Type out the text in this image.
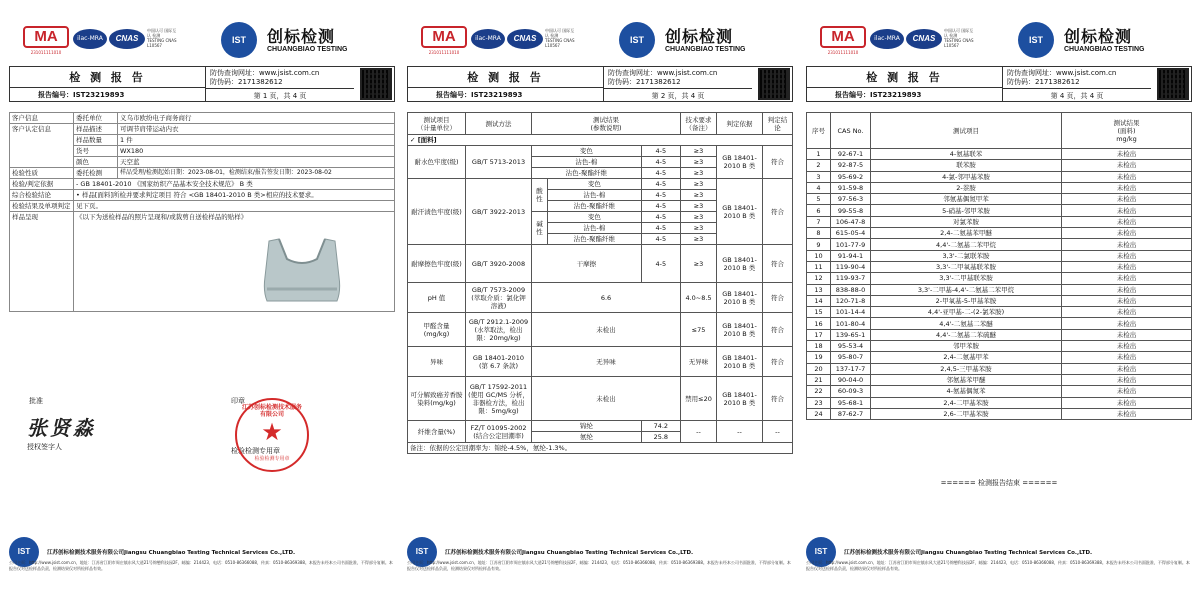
MA
231011111010
ilac-MRA	CNAS
中国认可 国际互认 检测 TESTING CNAS L10567
IST	创标检测
CHUANGBIAO TESTING
检 测 报 告
报告编号：IST23219893
防伪查询网址：www.jsist.com.cn
防伪码：2171382612
第 1 页，共 4 页
客户信息	委托单位	义乌市欧纷电子商务商行
客户认定信息	样品描述	可调节肩带运动内衣
	样品数量	1 件
	货号	WX180
	颜色	天空蓝
检验性质	委托检测	样品受理/检测起始日期：2023-08-01，检测结束/报告签发日期：2023-08-02
检验/判定依据	- GB 18401-2010 《国家纺织产品基本安全技术规范》 B 类	
综合检验结论	• 样品[面料]所检并要求判定项目 符合 <GB 18401-2010 B 类>相应的技术要求。	
检验结果及单项判定	见下页。	
样品呈现	《以下为送检样品的照片呈现和/或裁剪自送检样品的贴样》	
批准
张贤淼
授权签字人
印章
检验检测专用章
江苏创标检测技术服务有限公司
★
检验检测专用章
IST	江苏创标检测技术服务有限公司Jiangsu Chuangbiao Testing Technical Services Co.,LTD.
公司主页：http://www.jsist.com.cn，地址：江苏省江阴市周庄镇东风大道21号锦懋科技园2F，邮编：214423，电话：0510-86366088，传真：0510-86369388。本报告未经本公司书面批准，不得部分复制。本报告仅对送检样品负责，检测结果仅对所检样品有效。
MA
231011111010
ilac-MRA	CNAS
中国认可 国际互认 检测 TESTING CNAS L10567
IST	创标检测
CHUANGBIAO TESTING
检 测 报 告
报告编号：IST23219893
防伪查询网址：www.jsist.com.cn
防伪码：2171382612
第 2 页，共 4 页
测试项目
（计量单位）	测试方法	测试结果
(参数说明)			技术要求
（备注）	判定依据	判定结论
✓ [面料]							
耐水色牢度(级)	GB/T 5713-2013	变色		4-5	≥3	GB 18401-2010 B 类	符合
		沾色-棉		4-5	≥3		
		沾色-聚酯纤维		4-5	≥3		
耐汗渍色牢度(级)	GB/T 3922-2013	酸性	变色	4-5	≥3	GB 18401-2010 B 类	符合
			沾色-棉	4-5	≥3		
			沾色-聚酯纤维	4-5	≥3		
		碱性	变色	4-5	≥3		
			沾色-棉	4-5	≥3		
			沾色-聚酯纤维	4-5	≥3		
耐摩擦色牢度(级)	GB/T 3920-2008	干摩擦		4-5	≥3	GB 18401-2010 B 类	符合
pH 值	GB/T 7573-2009 (萃取介质：氯化钾溶液)	6.6			4.0~8.5	GB 18401-2010 B 类	符合
甲醛含量 (mg/kg)	GB/T 2912.1-2009 (水萃取法，检出限：20mg/kg)	未检出			≤75	GB 18401-2010 B 类	符合
异味	GB 18401-2010 (第 6.7 条款)	无异味			无异味	GB 18401-2010 B 类	符合
可分解致癌芳香胺染料(mg/kg)	GB/T 17592-2011 (使用 GC/MS 分析，非器检方法，检出限：5mg/kg)	未检出			禁用≤20	GB 18401-2010 B 类	符合
纤维含量(%)	FZ/T 01095-2002 (结合公定回潮率)	锦纶		74.2	--	--	--
		氨纶		25.8			
备注：依据的公定回潮率为：锦纶-4.5%，氨纶-1.3%。							
IST	江苏创标检测技术服务有限公司Jiangsu Chuangbiao Testing Technical Services Co.,LTD.
公司主页：http://www.jsist.com.cn，地址：江苏省江阴市周庄镇东风大道21号锦懋科技园2F，邮编：214423，电话：0510-86366088，传真：0510-86369388。本报告未经本公司书面批准，不得部分复制。本报告仅对送检样品负责，检测结果仅对所检样品有效。
MA
231011111010
ilac-MRA	CNAS
中国认可 国际互认 检测 TESTING CNAS L10567
IST	创标检测
CHUANGBIAO TESTING
检 测 报 告
报告编号：IST23219893
防伪查询网址：www.jsist.com.cn
防伪码：2171382612
第 4 页，共 4 页
序号	CAS No.	测试项目	测试结果
(面料)
mg/kg
1	92-67-1	4-氨基联苯	未检出
2	92-87-5	联苯胺	未检出
3	95-69-2	4-氯-邻甲基苯胺	未检出
4	91-59-8	2-萘胺	未检出
5	97-56-3	邻氨基偶氮甲苯	未检出
6	99-55-8	5-硝基-邻甲苯胺	未检出
7	106-47-8	对氯苯胺	未检出
8	615-05-4	2,4-二氨基苯甲醚	未检出
9	101-77-9	4,4'-二氨基二苯甲烷	未检出
10	91-94-1	3,3'-二氯联苯胺	未检出
11	119-90-4	3,3'-二甲氧基联苯胺	未检出
12	119-93-7	3,3'-二甲基联苯胺	未检出
13	838-88-0	3,3'-二甲基-4,4'-二氨基二苯甲烷	未检出
14	120-71-8	2-甲氧基-5-甲基苯胺	未检出
15	101-14-4	4,4'-亚甲基-二-(2-氯苯胺)	未检出
16	101-80-4	4,4'-二氨基二苯醚	未检出
17	139-65-1	4,4'-二氨基二苯硫醚	未检出
18	95-53-4	邻甲苯胺	未检出
19	95-80-7	2,4-二氨基甲苯	未检出
20	137-17-7	2,4,5-三甲基苯胺	未检出
21	90-04-0	邻氨基苯甲醚	未检出
22	60-09-3	4-氨基偶氮苯	未检出
23	95-68-1	2,4-二甲基苯胺	未检出
24	87-62-7	2,6-二甲基苯胺	未检出
====== 检测报告结束 ======
IST	江苏创标检测技术服务有限公司Jiangsu Chuangbiao Testing Technical Services Co.,LTD.
公司主页：http://www.jsist.com.cn，地址：江苏省江阴市周庄镇东风大道21号锦懋科技园2F，邮编：214423，电话：0510-86366088，传真：0510-86369388。本报告未经本公司书面批准，不得部分复制。本报告仅对送检样品负责，检测结果仅对所检样品有效。
